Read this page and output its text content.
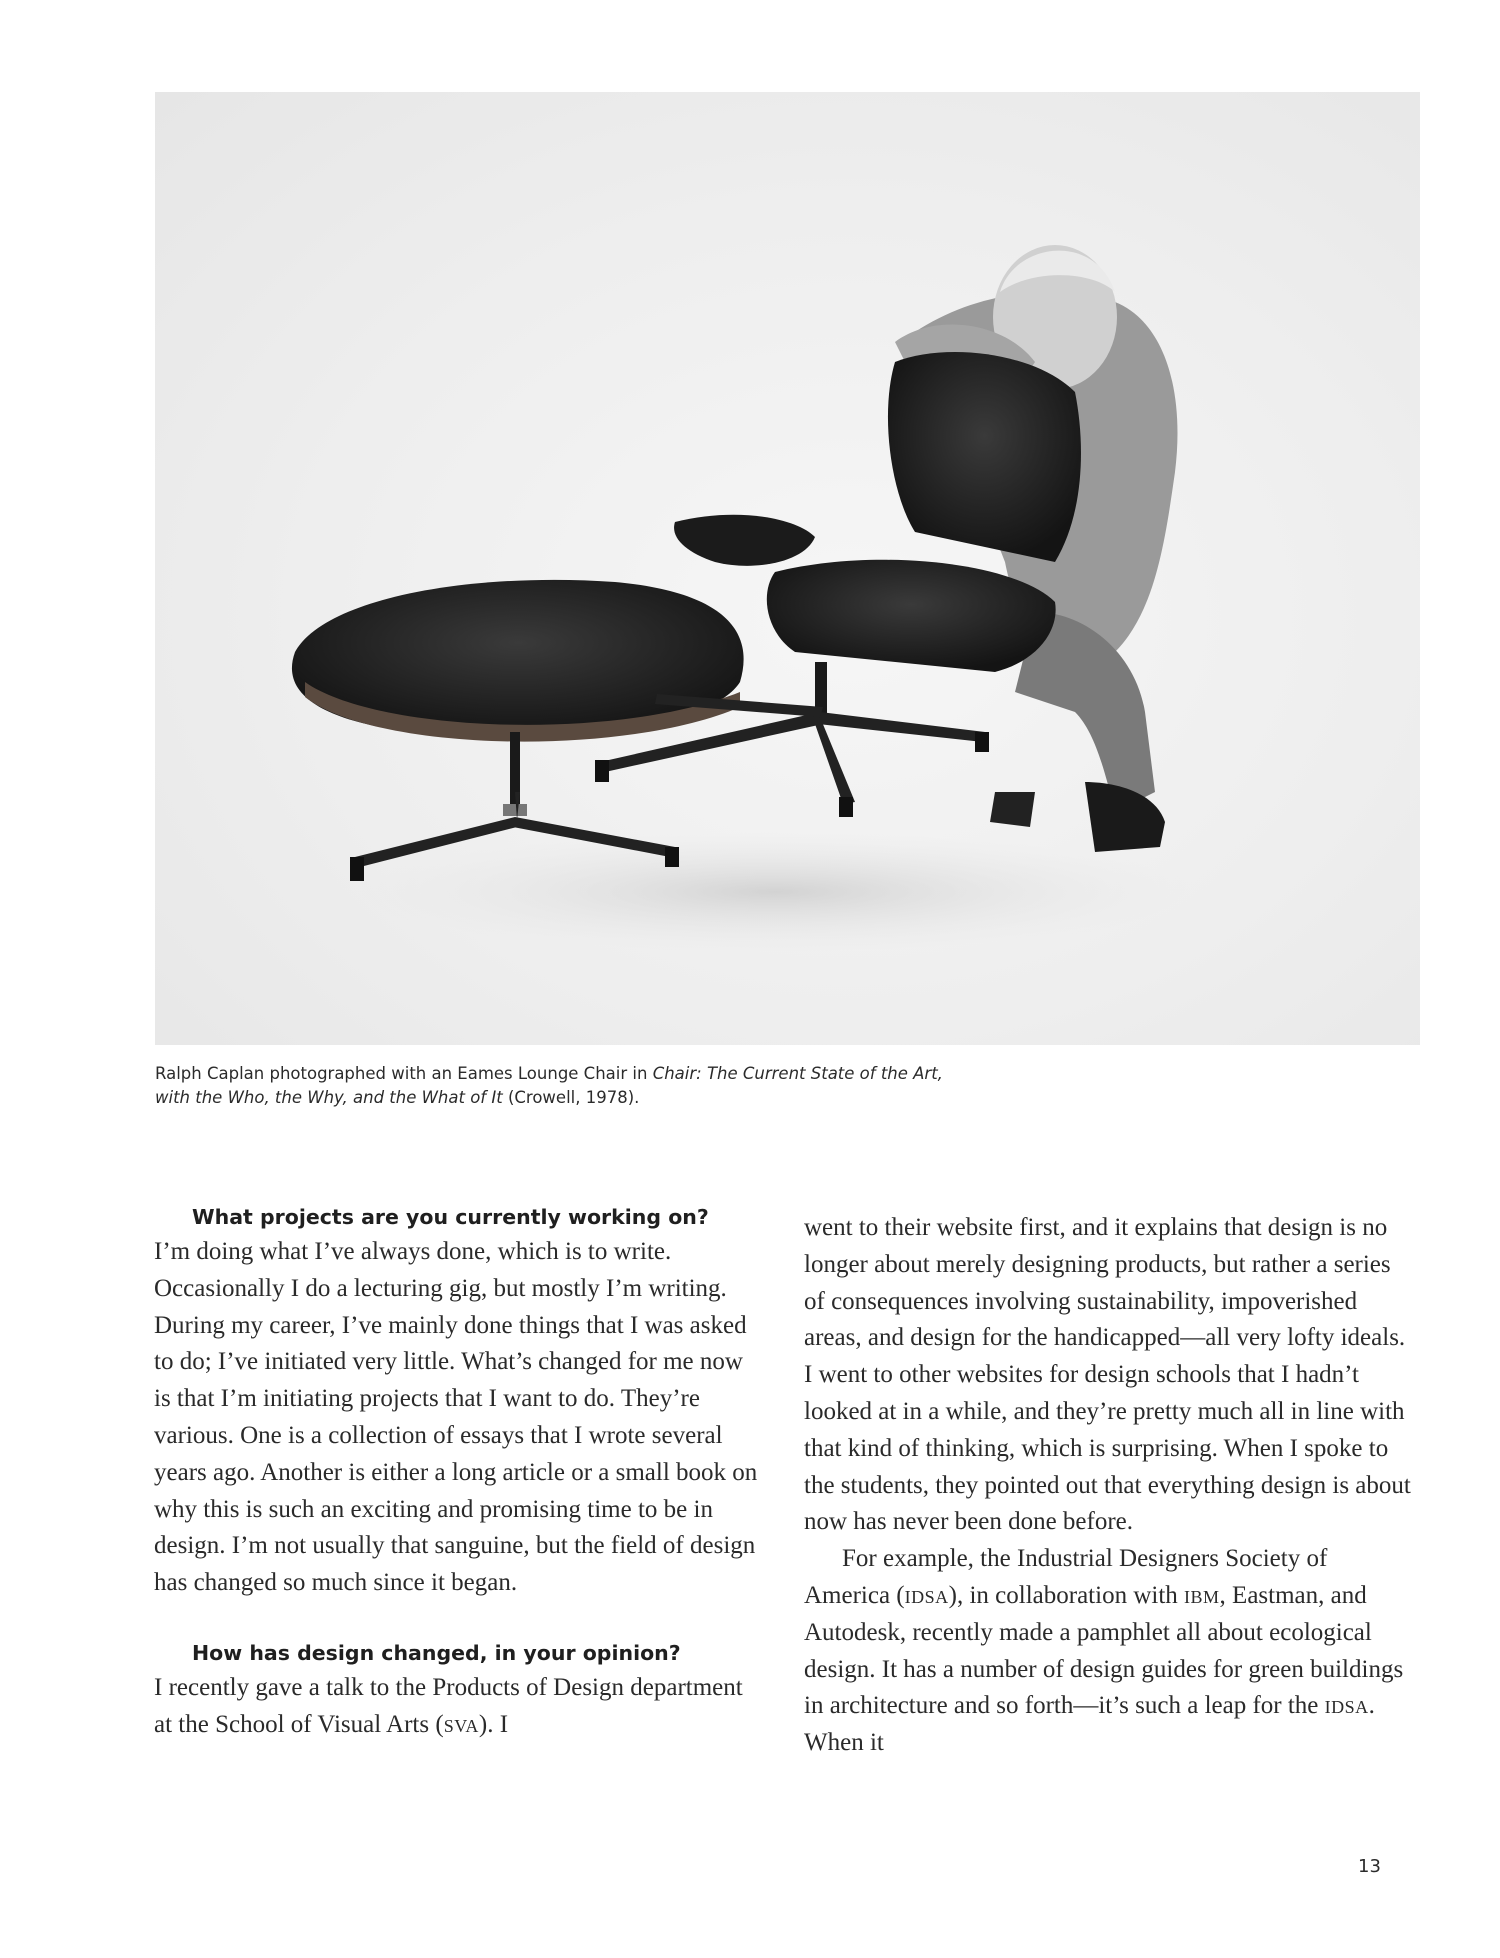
Ralph Caplan photographed with an Eames Lounge Chair in Chair: The Current State of the Art,
with the Who, the Why, and the What of It (Crowell, 1978).

What projects are you currently working on?

I’m doing what I’ve always done, which is to write. Occasionally I do a lecturing gig, but mostly I’m writing. During my career, I’ve mainly done things that I was asked to do; I’ve initiated very little. What’s changed for me now is that I’m initiating projects that I want to do. They’re various. One is a collection of essays that I wrote several years ago. Another is either a long article or a small book on why this is such an exciting and promising time to be in design. I’m not usually that sanguine, but the field of design has changed so much since it began.

How has design changed, in your opinion?

I recently gave a talk to the Products of Design department at the School of Visual Arts (sva). I

went to their website first, and it explains that design is no longer about merely designing products, but rather a series of consequences involving sustainability, impoverished areas, and design for the handicapped—all very lofty ideals. I went to other websites for design schools that I hadn’t looked at in a while, and they’re pretty much all in line with that kind of thinking, which is surprising. When I spoke to the students, they pointed out that everything design is about now has never been done before.

For example, the Industrial Designers Society of America (idsa), in collaboration with ibm, Eastman, and Autodesk, recently made a pamphlet all about ecological design. It has a number of design guides for green buildings in architecture and so forth—it’s such a leap for the idsa. When it

13
